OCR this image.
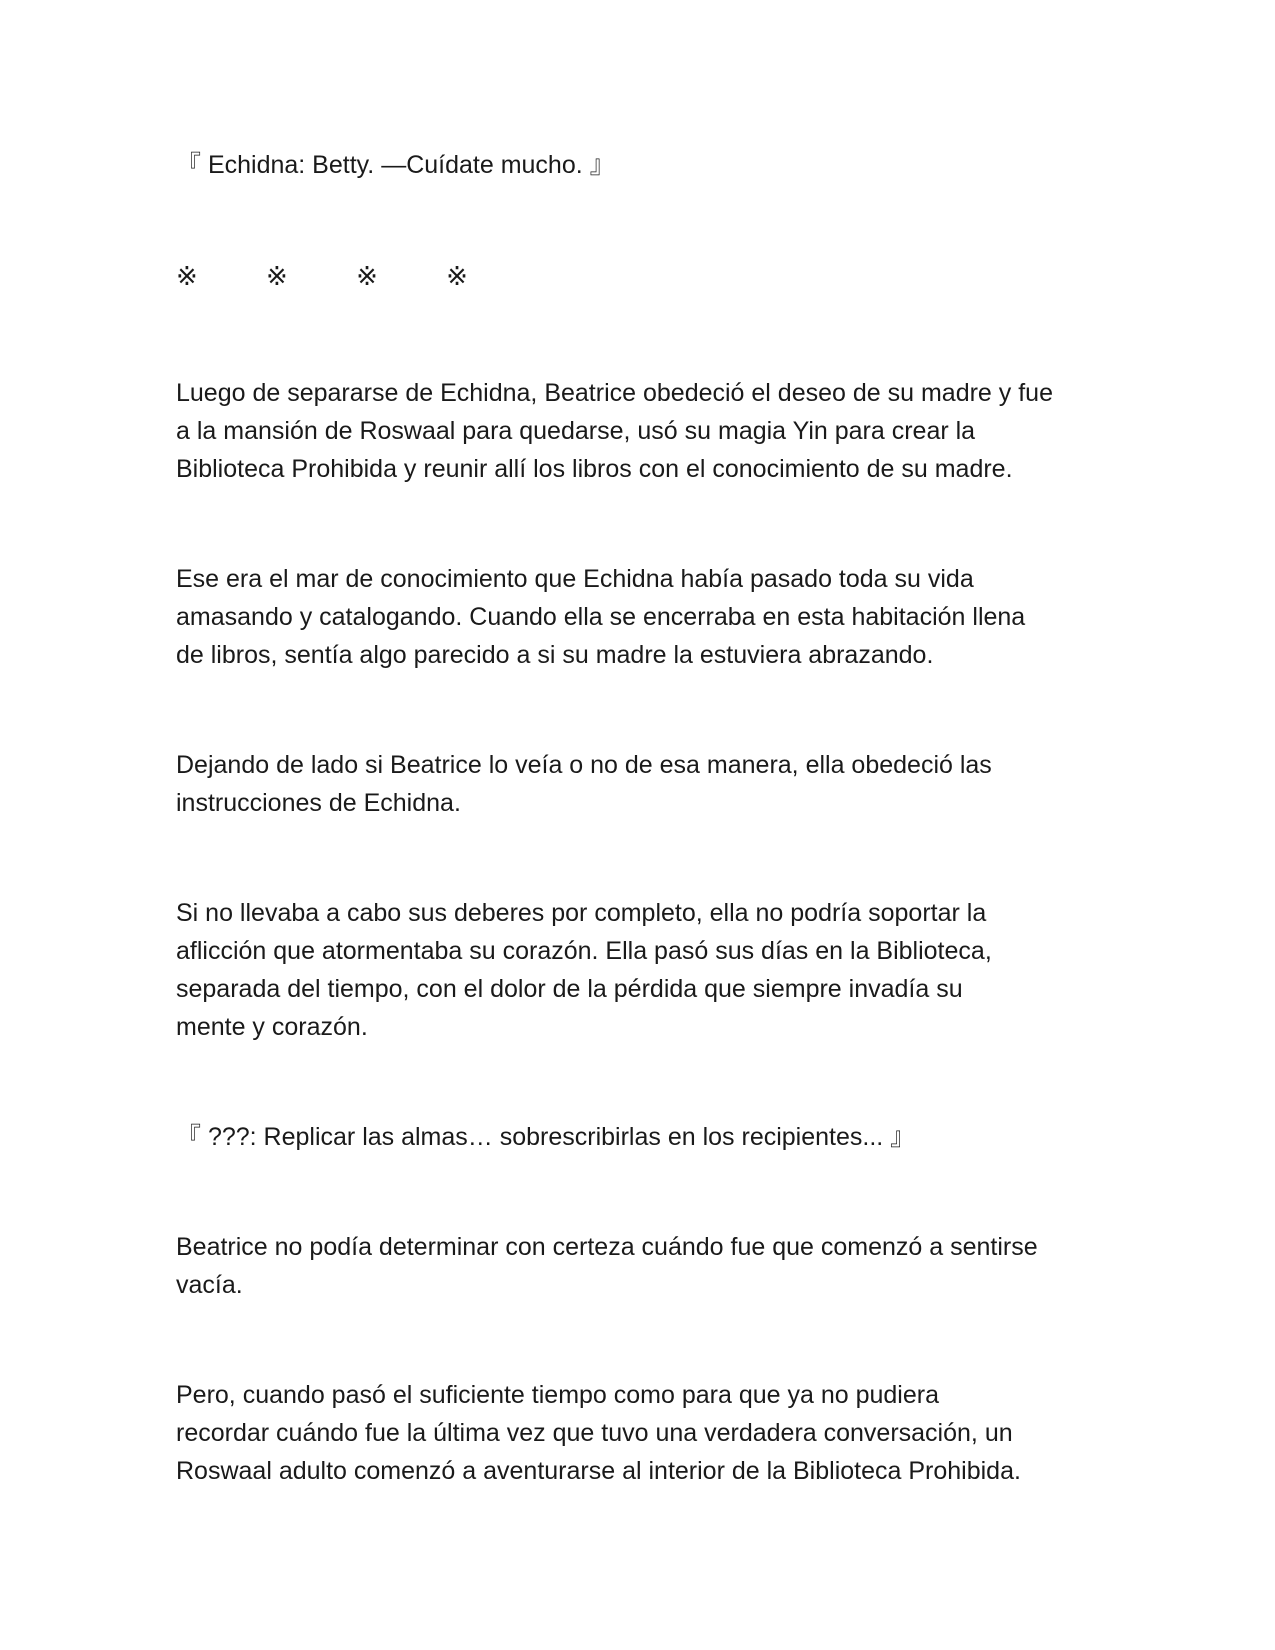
『 Echidna: Betty. —Cuídate mucho. 』
※ ※ ※ ※
Luego de separarse de Echidna, Beatrice obedeció el deseo de su madre y fue
a la mansión de Roswaal para quedarse, usó su magia Yin para crear la
Biblioteca Prohibida y reunir allí los libros con el conocimiento de su madre.
Ese era el mar de conocimiento que Echidna había pasado toda su vida
amasando y catalogando. Cuando ella se encerraba en esta habitación llena
de libros, sentía algo parecido a si su madre la estuviera abrazando.
Dejando de lado si Beatrice lo veía o no de esa manera, ella obedeció las
instrucciones de Echidna.
Si no llevaba a cabo sus deberes por completo, ella no podría soportar la
aflicción que atormentaba su corazón. Ella pasó sus días en la Biblioteca,
separada del tiempo, con el dolor de la pérdida que siempre invadía su
mente y corazón.
『 ???: Replicar las almas… sobrescribirlas en los recipientes... 』
Beatrice no podía determinar con certeza cuándo fue que comenzó a sentirse
vacía.
Pero, cuando pasó el suficiente tiempo como para que ya no pudiera
recordar cuándo fue la última vez que tuvo una verdadera conversación, un
Roswaal adulto comenzó a aventurarse al interior de la Biblioteca Prohibida.
